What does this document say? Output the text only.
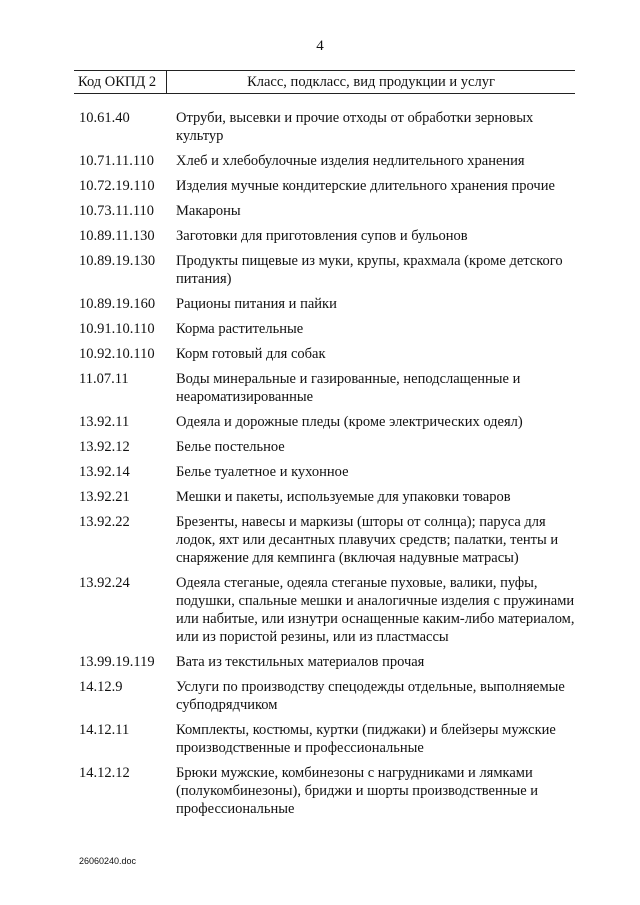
4
Код ОКПД 2	Класс, подкласс, вид продукции и услуг
10.61.40	Отруби, высевки и прочие отходы от обработки зерновых культур
10.71.11.110	Хлеб и хлебобулочные изделия недлительного хранения
10.72.19.110	Изделия мучные кондитерские длительного хранения прочие
10.73.11.110	Макароны
10.89.11.130	Заготовки для приготовления супов и бульонов
10.89.19.130	Продукты пищевые из муки, крупы, крахмала (кроме детского питания)
10.89.19.160	Рационы питания и пайки
10.91.10.110	Корма растительные
10.92.10.110	Корм готовый для собак
11.07.11	Воды минеральные и газированные, неподслащенные и неароматизированные
13.92.11	Одеяла и дорожные пледы (кроме электрических одеял)
13.92.12	Белье постельное
13.92.14	Белье туалетное и кухонное
13.92.21	Мешки и пакеты, используемые для упаковки товаров
13.92.22	Брезенты, навесы и маркизы (шторы от солнца); паруса для лодок, яхт или десантных плавучих средств; палатки, тенты и снаряжение для кемпинга (включая надувные матрасы)
13.92.24	Одеяла стеганые, одеяла стеганые пуховые, валики, пуфы, подушки, спальные мешки и аналогичные изделия с пружинами или набитые, или изнутри оснащенные каким-либо материалом, или из пористой резины, или из пластмассы
13.99.19.119	Вата из текстильных материалов прочая
14.12.9	Услуги по производству спецодежды отдельные, выполняемые субподрядчиком
14.12.11	Комплекты, костюмы, куртки (пиджаки) и блейзеры мужские производственные и профессиональные
14.12.12	Брюки мужские, комбинезоны с нагрудниками и лямками (полукомбинезоны), бриджи и шорты производственные и профессиональные
26060240.doc
